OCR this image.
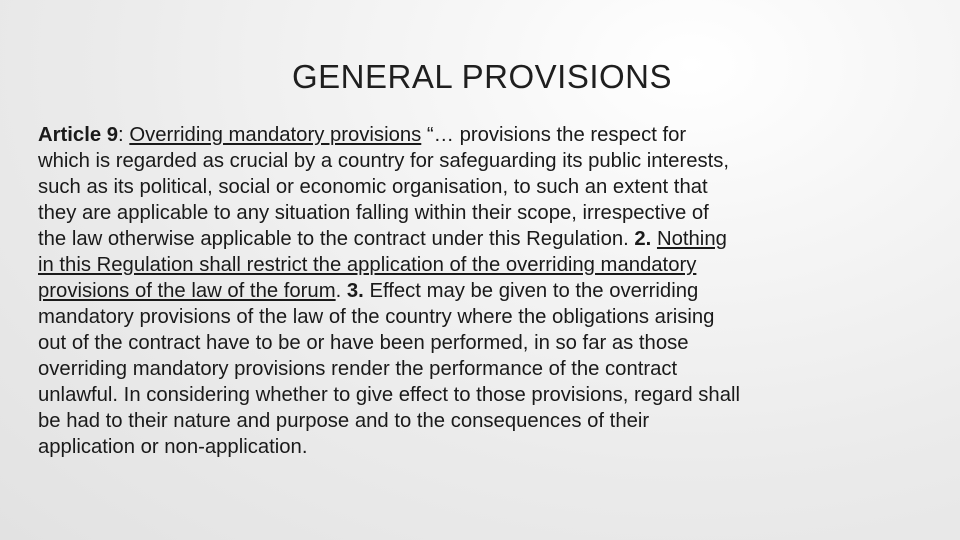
GENERAL PROVISIONS

Article 9: Overriding mandatory provisions “… provisions the respect for
which is regarded as crucial by a country for safeguarding its public interests,
such as its political, social or economic organisation, to such an extent that
they are applicable to any situation falling within their scope, irrespective of
the law otherwise applicable to the contract under this Regulation. 2. Nothing
in this Regulation shall restrict the application of the overriding mandatory
provisions of the law of the forum. 3. Effect may be given to the overriding
mandatory provisions of the law of the country where the obligations arising
out of the contract have to be or have been performed, in so far as those
overriding mandatory provisions render the performance of the contract
unlawful. In considering whether to give effect to those provisions, regard shall
be had to their nature and purpose and to the consequences of their
application or non-application.
